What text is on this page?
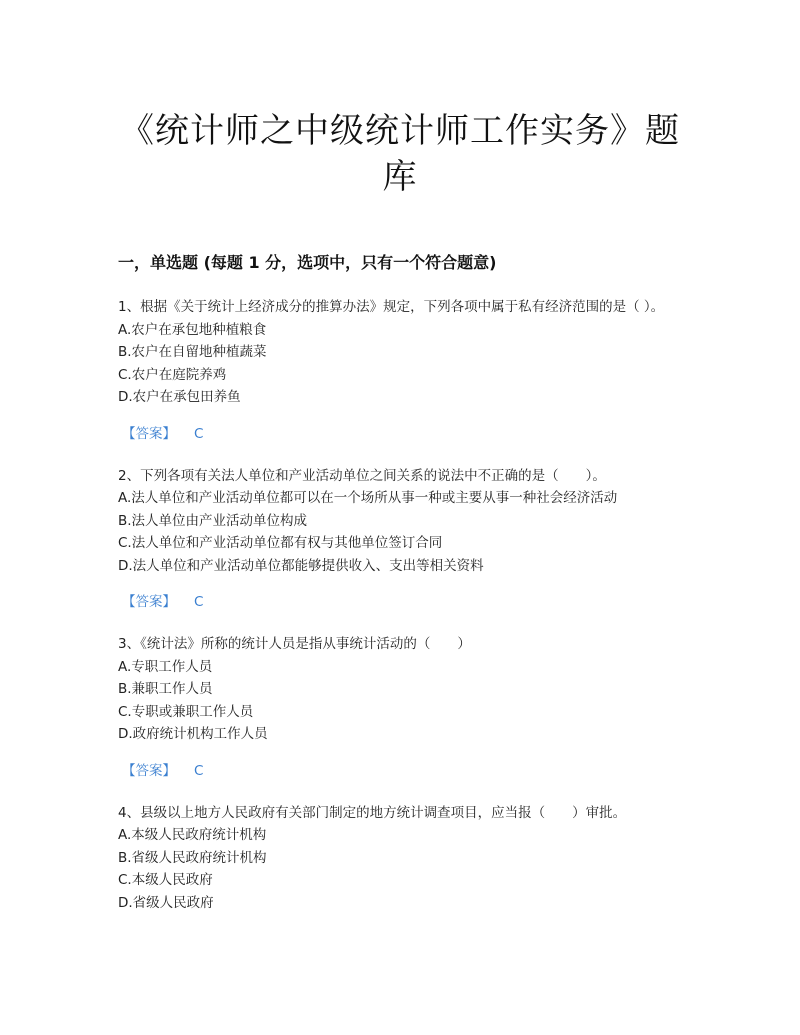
《统计师之中级统计师工作实务》题库
一，单选题 (每题 1 分，选项中，只有一个符合题意)

1、根据《关于统计上经济成分的推算办法》规定，下列各项中属于私有经济范围的是（ ）。

A.农户在承包地种植粮食

B.农户在自留地种植蔬菜

C.农户在庭院养鸡

D.农户在承包田养鱼

【答案】 C

2、下列各项有关法人单位和产业活动单位之间关系的说法中不正确的是（　　）。

A.法人单位和产业活动单位都可以在一个场所从事一种或主要从事一种社会经济活动

B.法人单位由产业活动单位构成

C.法人单位和产业活动单位都有权与其他单位签订合同

D.法人单位和产业活动单位都能够提供收入、支出等相关资料

【答案】 C

3、《统计法》所称的统计人员是指从事统计活动的（　　）

A.专职工作人员

B.兼职工作人员

C.专职或兼职工作人员

D.政府统计机构工作人员

【答案】 C

4、县级以上地方人民政府有关部门制定的地方统计调查项目，应当报（　　）审批。

A.本级人民政府统计机构

B.省级人民政府统计机构

C.本级人民政府

D.省级人民政府
